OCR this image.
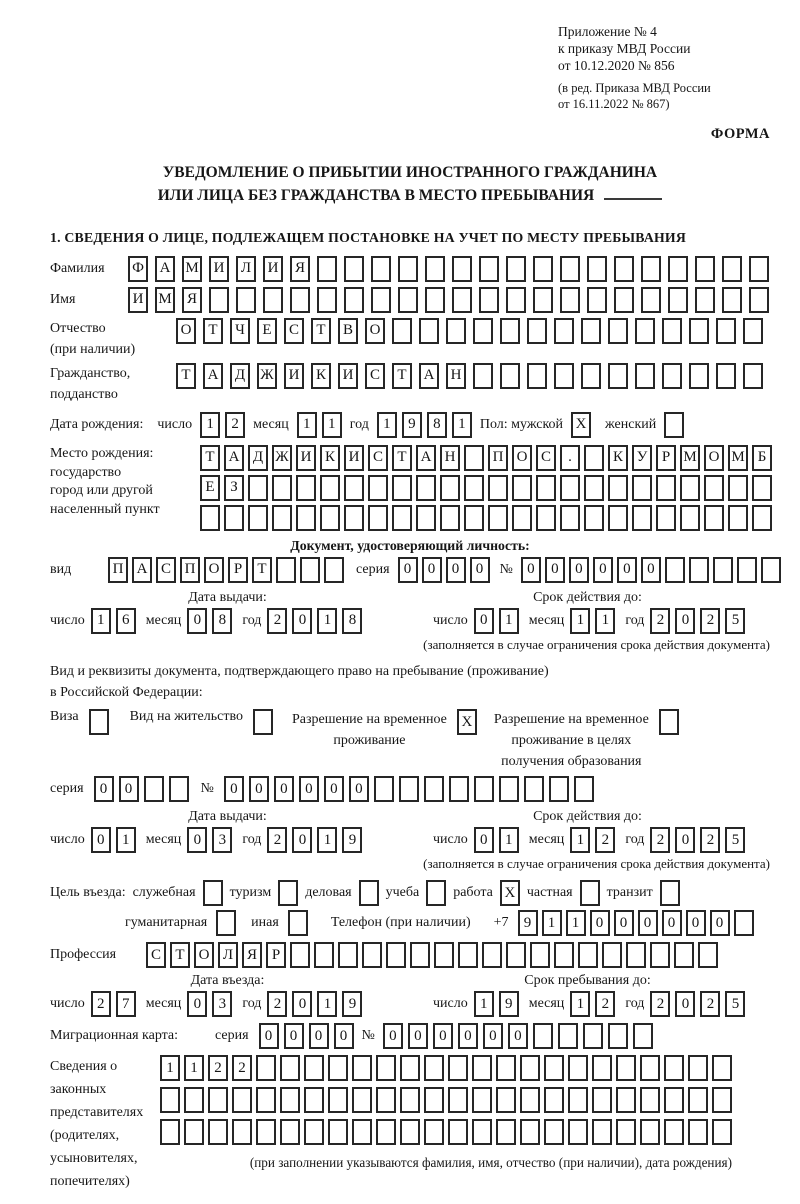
Приложение № 4
к приказу МВД России
от 10.12.2020 № 856
(в ред. Приказа МВД России
от 16.11.2022 № 867)
ФОРМА
УВЕДОМЛЕНИЕ О ПРИБЫТИИ ИНОСТРАННОГО ГРАЖДАНИНА
ИЛИ ЛИЦА БЕЗ ГРАЖДАНСТВА В МЕСТО ПРЕБЫВАНИЯ
1. СВЕДЕНИЯ О ЛИЦЕ, ПОДЛЕЖАЩЕМ ПОСТАНОВКЕ НА УЧЕТ ПО МЕСТУ ПРЕБЫВАНИЯ
Фамилия	Ф	А М И	Л	И	Я
Имя	И М	Я
Отчество
(при наличии)
О	Т	Ч	Е	С	Т	В	О
Гражданство,
подданство
Т	А	Д	Ж И	К	И	С	Т	А	Н
Дата рождения: число 1	2	месяц 1	1	год 1	9	8	1	Пол: мужской X	женский
Место рождения:
государство
город или другой
населенный пункт
Т А Д Ж И К И С Т А Н	П О С	.	К У Р М О М Б
Е	З
Документ, удостоверяющий личность:
вид	П А С П О Р	Т	серия 0	0	0	0	№ 0	0	0	0	0	0
Дата выдачи:	Срок действия до:
число 1	6	месяц 0	8	год 2	0	1	8	число 0	1	месяц 1	1	год 2	0	2	5
(заполняется в случае ограничения срока действия документа)
Вид и реквизиты документа, подтверждающего право на пребывание (проживание)
в Российской Федерации:
Виза	Вид на жительство	Разрешение на временное
проживание
X	Разрешение на временное
проживание в целях
получения образования
серия	0	0	№	0	0	0	0	0	0
Дата выдачи:	Срок действия до:
число 0	1	месяц 0	3	год 2	0	1	9	число 0	1	месяц 1	2	год 2	0	2	5
(заполняется в случае ограничения срока действия документа)
Цель въезда: служебная туризм деловая учеба работа X частная транзит
гуманитарная	иная	Телефон (при наличии) +7	9	1	1	0	0	0	0	0	0
Профессия	С Т О Л Я Р
Дата въезда:	Срок пребывания до:
число 2	7	месяц 0	3	год 2	0	1	9	число 1	9	месяц 1	2	год 2	0	2	5
Миграционная карта:	серия	0	0	0	0	№ 0	0	0	0	0	0
Сведения о
законных
представителях
(родителях,
усыновителях,
попечителях)
1	1	2	2
(при заполнении указываются фамилия, имя, отчество (при наличии), дата рождения)
